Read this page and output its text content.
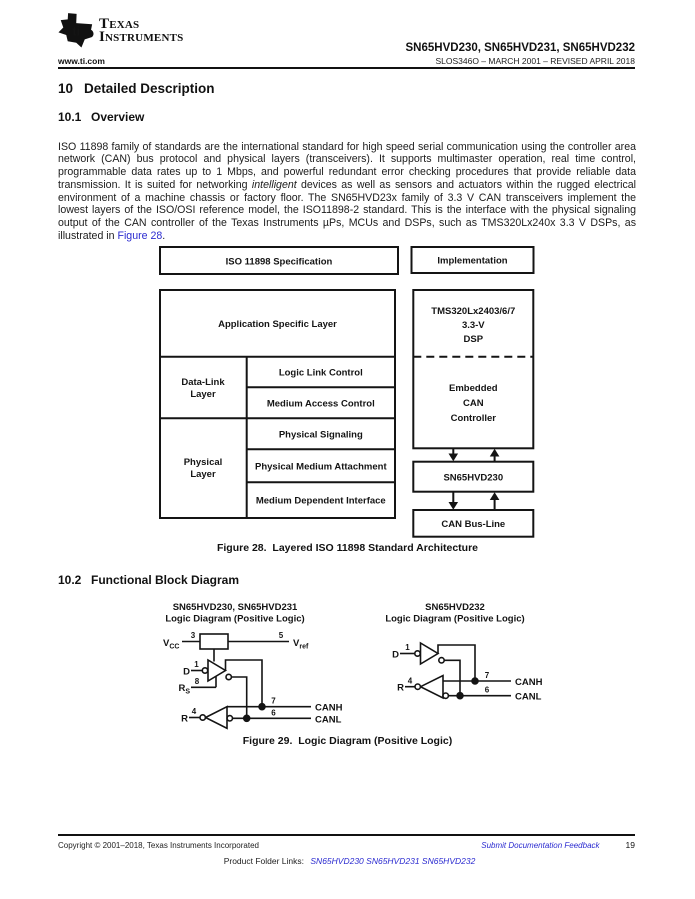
ti Texas
Instruments
SN65HVD230, SN65HVD231, SN65HVD232
www.ti.com	SLOS346O – MARCH 2001 – REVISED APRIL 2018
10 Detailed Description
10.1 Overview

ISO 11898 family of standards are the international standard for high speed serial communication using the controller area network (CAN) bus protocol and physical layers (transceivers). It supports multimaster operation, real time control, programmable data rates up to 1 Mbps, and powerful redundant error checking procedures that provide reliable data transmission. It is suited for networking intelligent devices as well as sensors and actuators within the rugged electrical environment of a machine chassis or factory floor. The SN65HVD23x family of 3.3 V CAN transceivers implement the lowest layers of the ISO/OSI reference model, the ISO11898-2 standard. This is the interface with the physical signaling output of the CAN controller of the Texas Instruments µPs, MCUs and DSPs, such as TMS320Lx240x 3.3 V DSPs, as illustrated in Figure 28.

ISO 11898 Specification	Implementation
Application Specific Layer
Data-Link
Layer
Logic Link Control
Medium Access Control
Physical Signaling
Physical Medium Attachment
Medium Dependent Interface
Physical
Layer
TMS320Lx2403/6/7
3.3-V
DSP
Embedded
CAN
Controller
SN65HVD230
CAN Bus-Line
Figure 28.  Layered ISO 11898 Standard Architecture
10.2 Functional Block Diagram
SN65HVD230, SN65HVD231
Logic Diagram (Positive Logic)
SN65HVD232
Logic Diagram (Positive Logic)
$V_{CC}$	$V_{ref}$
D
$R_S$
R
CANH
CANL
3	5
1
8
4
7
6
D
R
CANH
CANL
1
4
7
6
Figure 29.  Logic Diagram (Positive Logic)
Copyright © 2001–2018, Texas Instruments Incorporated	Submit Documentation Feedback	19
Product Folder Links: SN65HVD230 SN65HVD231 SN65HVD232
